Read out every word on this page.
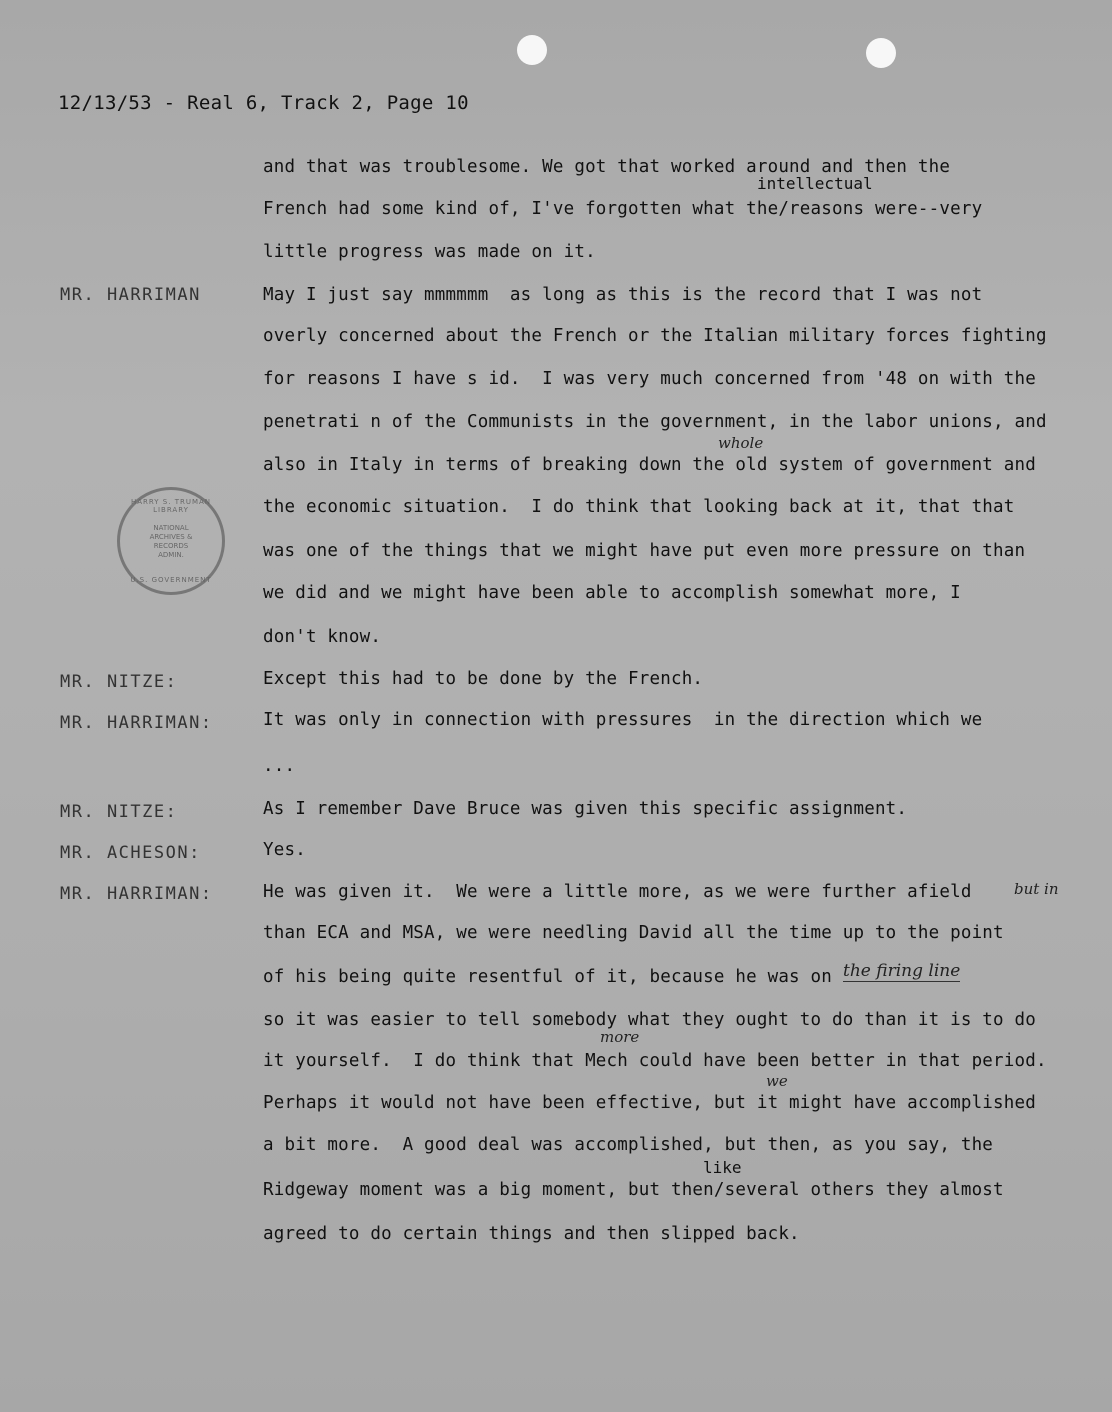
12/13/53 - Real 6, Track 2, Page 10
HARRY S. TRUMAN LIBRARY
NATIONAL
ARCHIVES &
RECORDS
ADMIN.
U.S. GOVERNMENT
MR. HARRIMAN
MR. NITZE:
MR. HARRIMAN:
MR. NITZE:
MR. ACHESON:
MR. HARRIMAN:
and that was troublesome. We got that worked around and then the
French had some kind of, I've forgotten what the/reasons were--very
little progress was made on it.
May I just say mmmmmm  as long as this is the record that I was not
overly concerned about the French or the Italian military forces fighting
for reasons I have s id.  I was very much concerned from '48 on with the
penetrati n of the Communists in the government, in the labor unions, and
also in Italy in terms of breaking down the old system of government and
the economic situation.  I do think that looking back at it, that that
was one of the things that we might have put even more pressure on than
we did and we might have been able to accomplish somewhat more, I
don't know.
Except this had to be done by the French.
It was only in connection with pressures  in the direction which we
...
As I remember Dave Bruce was given this specific assignment.
Yes.
He was given it.  We were a little more, as we were further afield
than ECA and MSA, we were needling David all the time up to the point
of his being quite resentful of it, because he was on
so it was easier to tell somebody what they ought to do than it is to do
it yourself.  I do think that Mech could have been better in that period.
Perhaps it would not have been effective, but it might have accomplished
a bit more.  A good deal was accomplished, but then, as you say, the
Ridgeway moment was a big moment, but then/several others they almost
agreed to do certain things and then slipped back.
intellectual
whole
but in
the firing line
more
we
like
